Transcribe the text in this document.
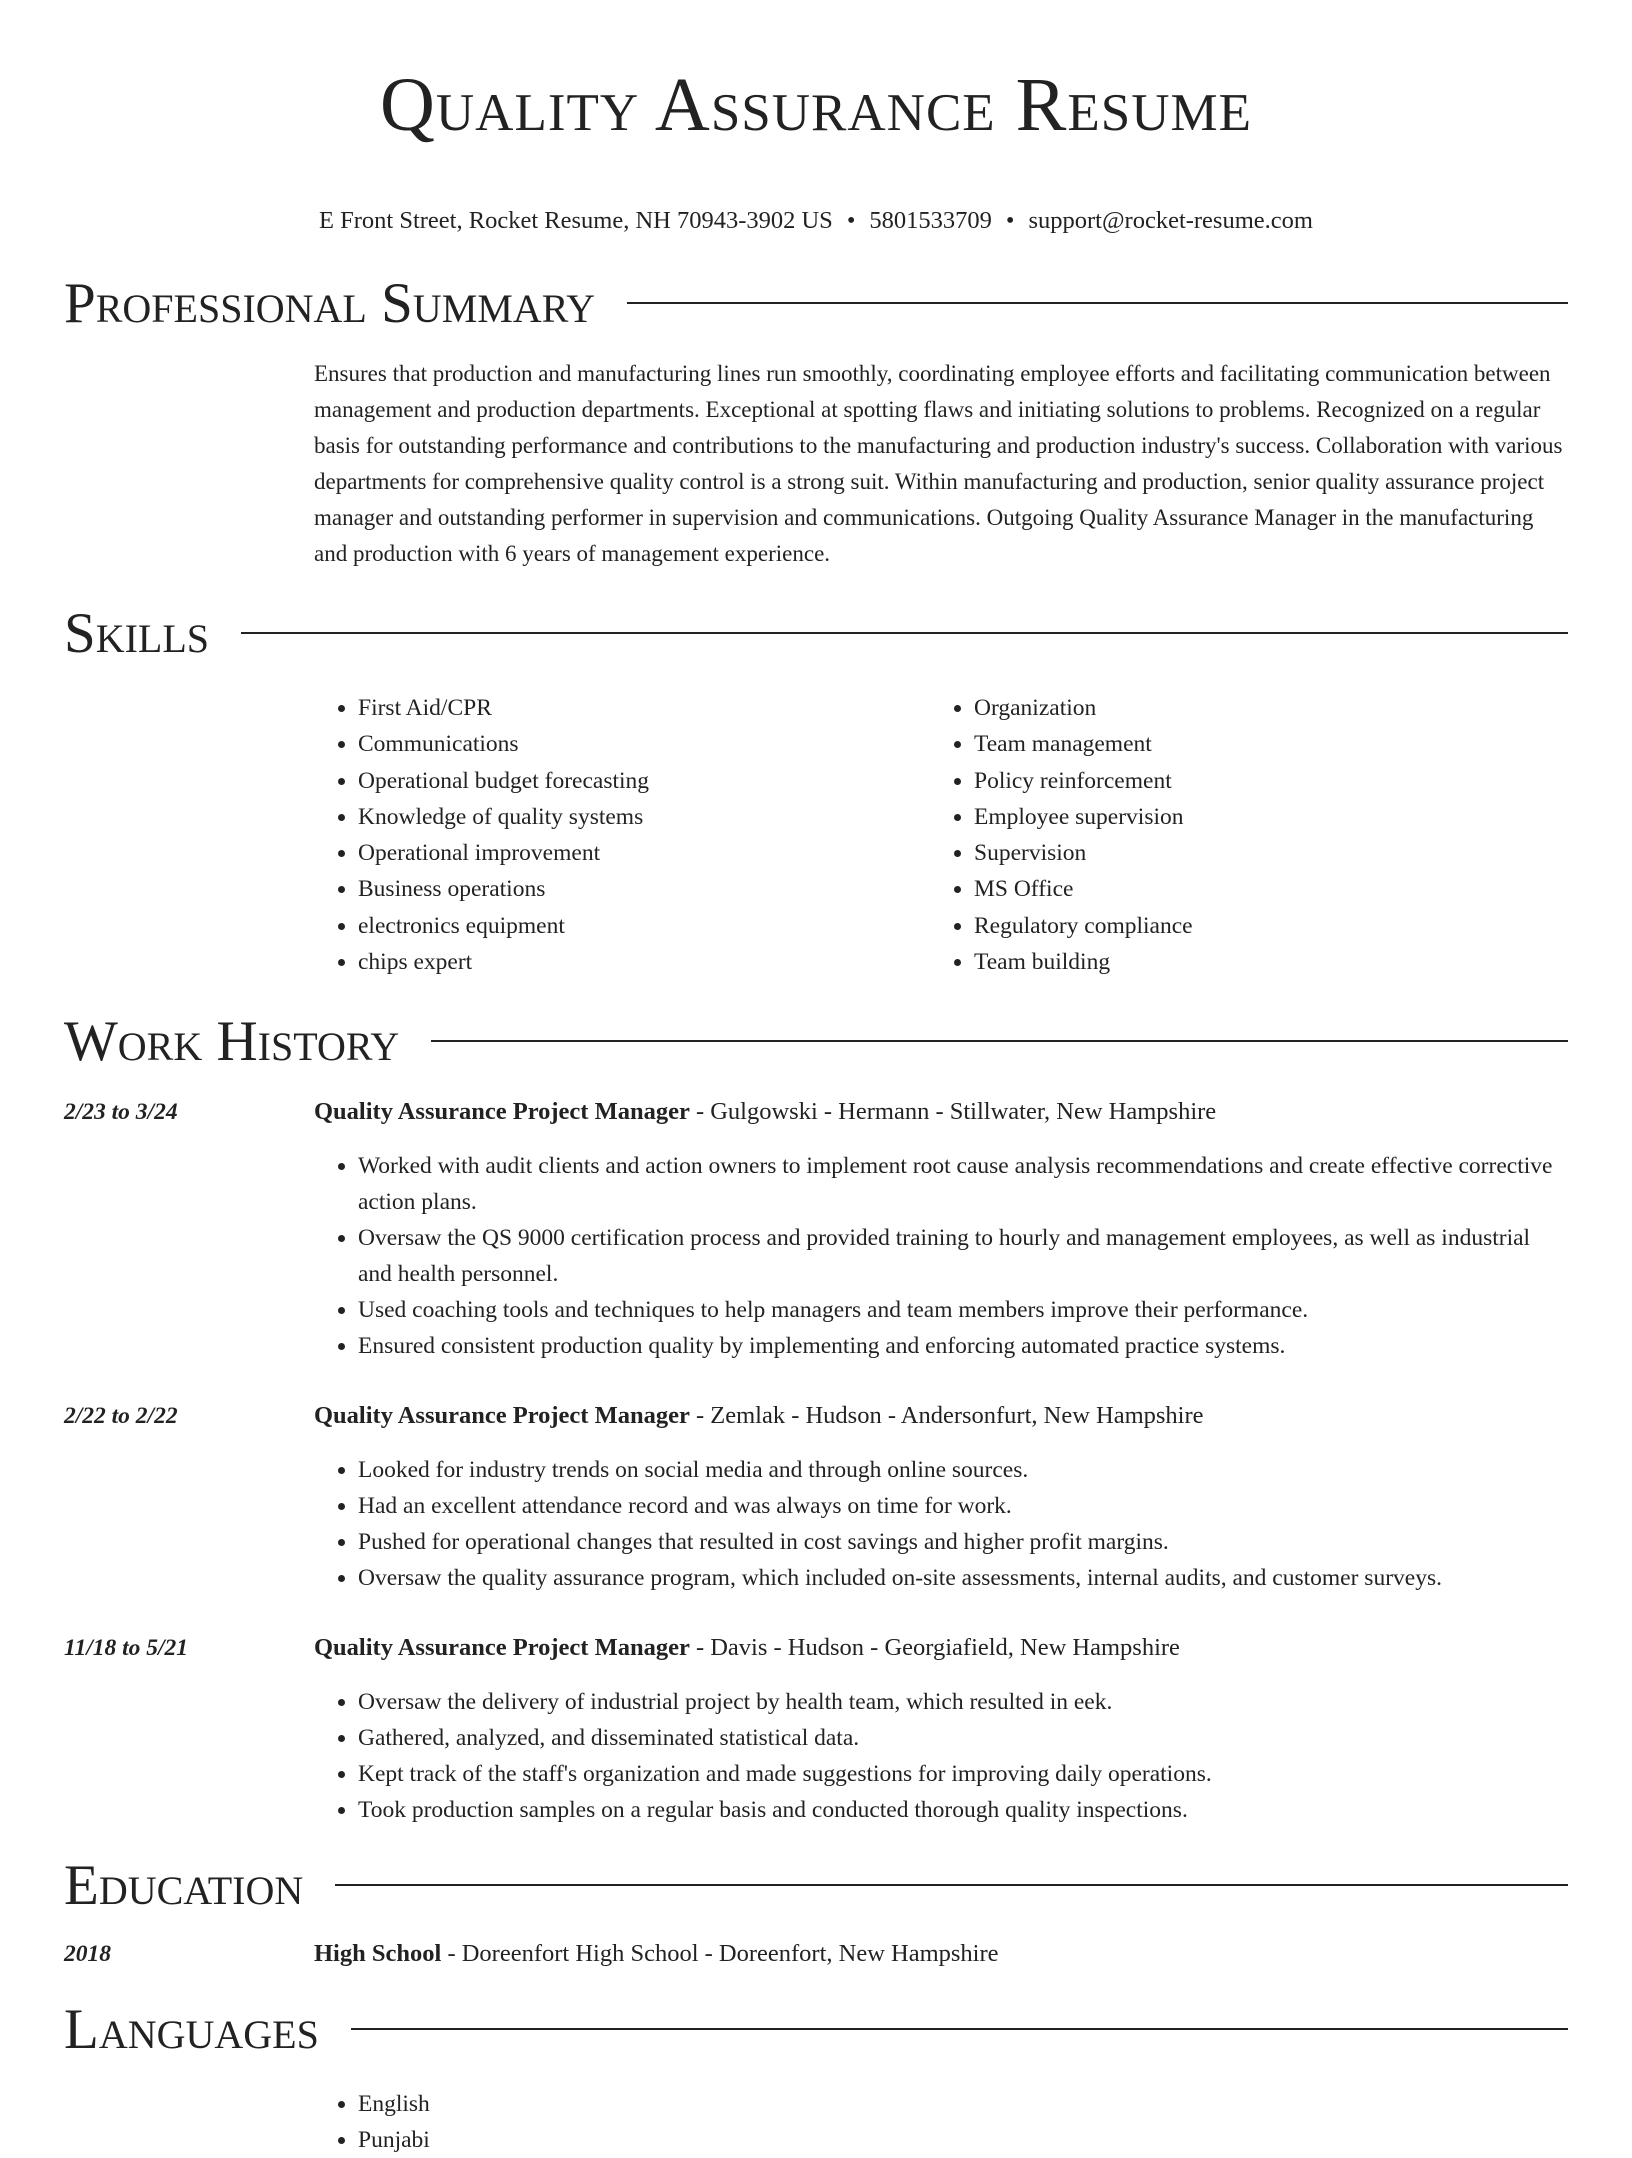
Quality Assurance Resume
E Front Street, Rocket Resume, NH 70943-3902 US • 5801533709 • support@rocket-resume.com
Professional Summary
Ensures that production and manufacturing lines run smoothly, coordinating employee efforts and facilitating communication between management and production departments. Exceptional at spotting flaws and initiating solutions to problems. Recognized on a regular basis for outstanding performance and contributions to the manufacturing and production industry's success. Collaboration with various departments for comprehensive quality control is a strong suit. Within manufacturing and production, senior quality assurance project manager and outstanding performer in supervision and communications. Outgoing Quality Assurance Manager in the manufacturing and production with 6 years of management experience.
Skills
• First Aid/CPR
• Communications
• Operational budget forecasting
• Knowledge of quality systems
• Operational improvement
• Business operations
• electronics equipment
• chips expert
• Organization
• Team management
• Policy reinforcement
• Employee supervision
• Supervision
• MS Office
• Regulatory compliance
• Team building
Work History
2/23 to 3/24	Quality Assurance Project Manager - Gulgowski - Hermann - Stillwater, New Hampshire
• Worked with audit clients and action owners to implement root cause analysis recommendations and create effective corrective action plans.
• Oversaw the QS 9000 certification process and provided training to hourly and management employees, as well as industrial and health personnel.
• Used coaching tools and techniques to help managers and team members improve their performance.
• Ensured consistent production quality by implementing and enforcing automated practice systems.
2/22 to 2/22	Quality Assurance Project Manager - Zemlak - Hudson - Andersonfurt, New Hampshire
• Looked for industry trends on social media and through online sources.
• Had an excellent attendance record and was always on time for work.
• Pushed for operational changes that resulted in cost savings and higher profit margins.
• Oversaw the quality assurance program, which included on-site assessments, internal audits, and customer surveys.
11/18 to 5/21	Quality Assurance Project Manager - Davis - Hudson - Georgiafield, New Hampshire
• Oversaw the delivery of industrial project by health team, which resulted in eek.
• Gathered, analyzed, and disseminated statistical data.
• Kept track of the staff's organization and made suggestions for improving daily operations.
• Took production samples on a regular basis and conducted thorough quality inspections.
Education
2018	High School - Doreenfort High School - Doreenfort, New Hampshire
Languages
• English
• Punjabi
